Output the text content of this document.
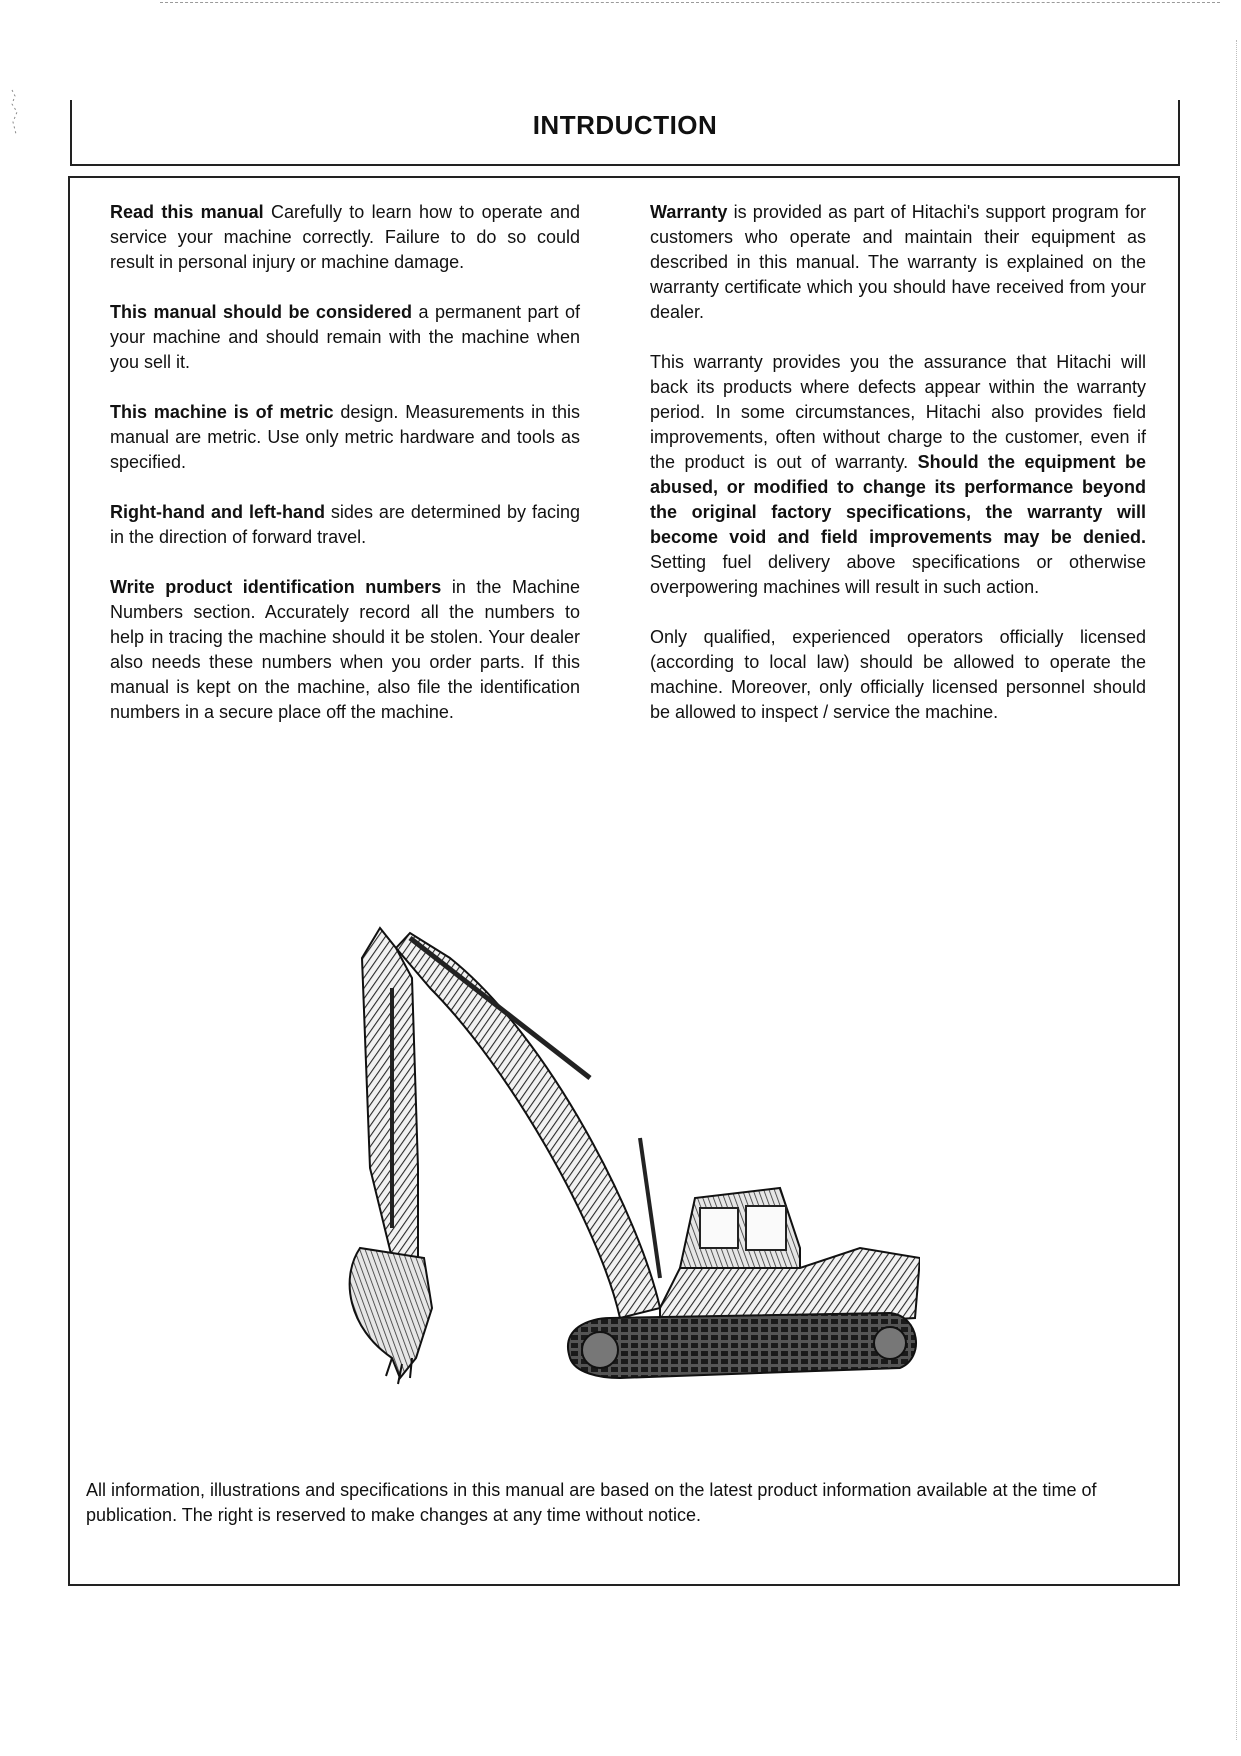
INTRDUCTION

Read this manual Carefully to learn how to operate and service your machine correctly. Failure to do so could result in personal injury or machine damage.

This manual should be considered a permanent part of your machine and should remain with the machine when you sell it.

This machine is of metric design. Measurements in this manual are metric. Use only metric hardware and tools as specified.

Right-hand and left-hand sides are determined by facing in the direction of forward travel.

Write product identification numbers in the Machine Numbers section. Accurately record all the numbers to help in tracing the machine should it be stolen. Your dealer also needs these numbers when you order parts. If this manual is kept on the machine, also file the identification numbers in a secure place off the machine.

Warranty is provided as part of Hitachi's support program for customers who operate and maintain their equipment as described in this manual. The warranty is explained on the warranty certificate which you should have received from your dealer.

This warranty provides you the assurance that Hitachi will back its products where defects appear within the warranty period. In some circumstances, Hitachi also provides field improvements, often without charge to the customer, even if the product is out of warranty. Should the equipment be abused, or modified to change its performance beyond the original factory specifications, the warranty will become void and field improvements may be denied. Setting fuel delivery above specifications or otherwise overpowering machines will result in such action.

Only qualified, experienced operators officially licensed (according to local law) should be allowed to operate the machine. Moreover, only officially licensed personnel should be allowed to inspect / service the machine.

All information, illustrations and specifications in this manual are based on the latest product information available at the time of publication. The right is reserved to make changes at any time without notice.
